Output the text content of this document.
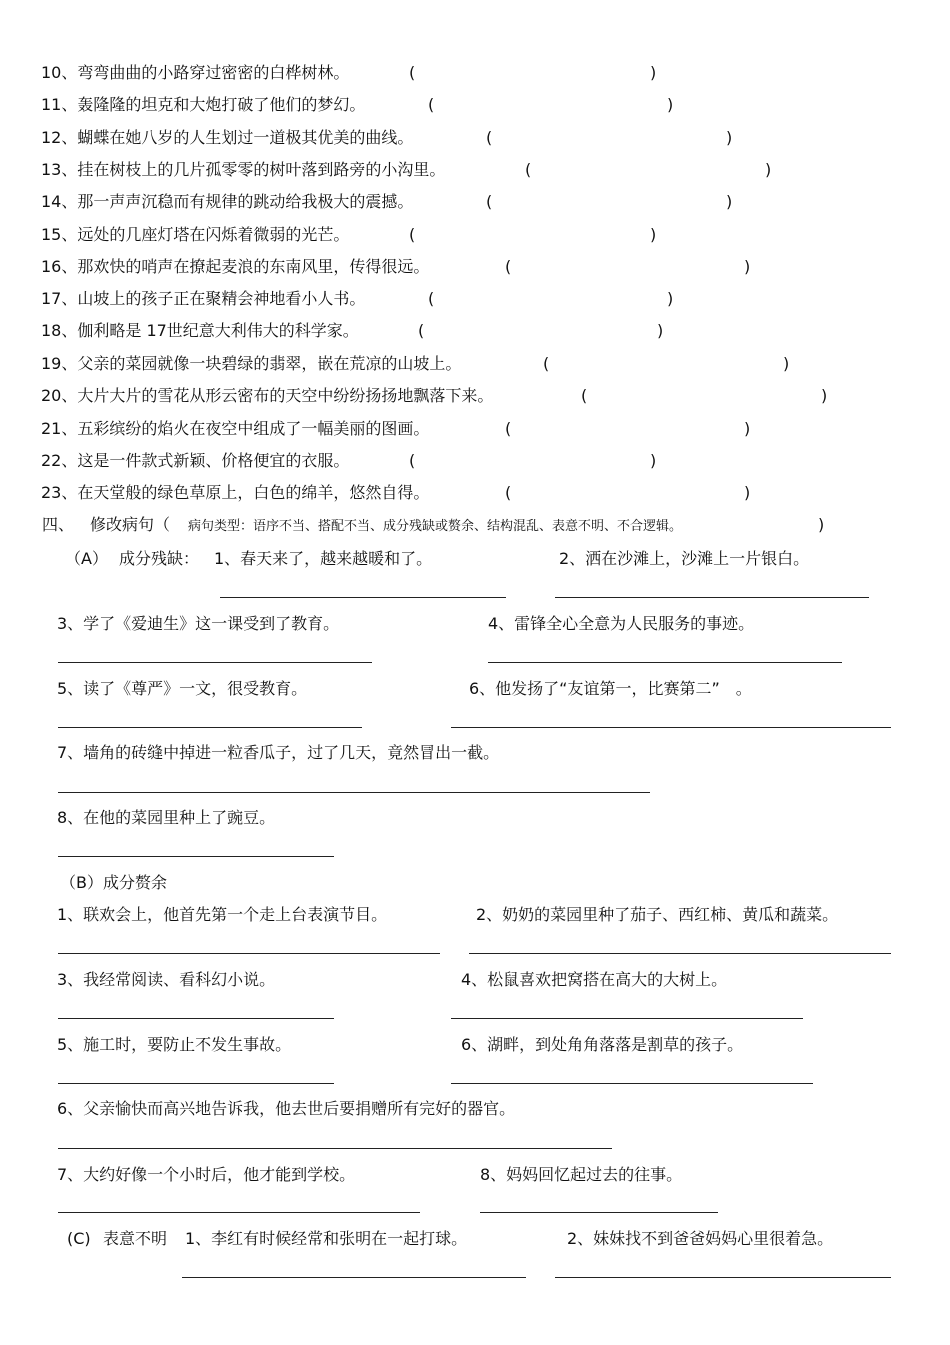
10、弯弯曲曲的小路穿过密密的白桦树林。	(	)
11、轰隆隆的坦克和大炮打破了他们的梦幻。	(	)
12、蝴蝶在她八岁的人生划过一道极其优美的曲线。	(	)
13、挂在树枝上的几片孤零零的树叶落到路旁的小沟里。	(	)
14、那一声声沉稳而有规律的跳动给我极大的震撼。	(	)
15、远处的几座灯塔在闪烁着微弱的光芒。	(	)
16、那欢快的哨声在撩起麦浪的东南风里，传得很远。	(	)
17、山坡上的孩子正在聚精会神地看小人书。	(	)
18、伽利略是 17世纪意大利伟大的科学家。	(	)
19、父亲的菜园就像一块碧绿的翡翠，嵌在荒凉的山坡上。	(	)
20、大片大片的雪花从形云密布的天空中纷纷扬扬地飘落下来。	(	)
21、五彩缤纷的焰火在夜空中组成了一幅美丽的图画。	(	)
22、这是一件款式新颖、价格便宜的衣服。	(	)
23、在天堂般的绿色草原上，白色的绵羊，悠然自得。	(	)
四、 修改病句（ 病句类型：语序不当、搭配不当、成分残缺或赘余、结构混乱、表意不明、不合逻辑。	)
（A） 成分残缺： 1、春天来了，越来越暖和了。	2、洒在沙滩上，沙滩上一片银白。
3、学了《爱迪生》这一课受到了教育。	4、雷锋全心全意为人民服务的事迹。
5、读了《尊严》一文，很受教育。	6、他发扬了“友谊第一，比赛第二”　。
7、墙角的砖缝中掉进一粒香瓜子，过了几天，竟然冒出一截。
8、在他的菜园里种上了豌豆。
（B）成分赘余
1、联欢会上，他首先第一个走上台表演节目。	2、奶奶的菜园里种了茄子、西红柿、黄瓜和蔬菜。
3、我经常阅读、看科幻小说。	4、松鼠喜欢把窝搭在高大的大树上。
5、施工时，要防止不发生事故。	6、湖畔，到处角角落落是割草的孩子。
6、父亲愉快而高兴地告诉我，他去世后要捐赠所有完好的器官。
7、大约好像一个小时后，他才能到学校。	8、妈妈回忆起过去的往事。
(C) 表意不明 1、李红有时候经常和张明在一起打球。	2、妹妹找不到爸爸妈妈心里很着急。
